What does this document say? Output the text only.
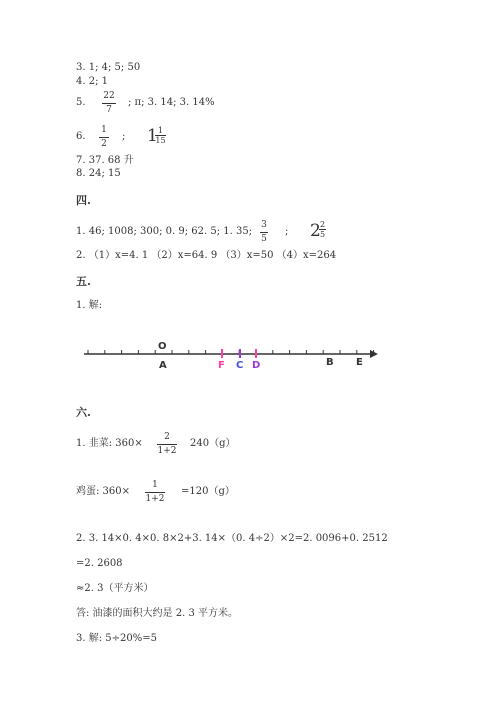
3. 1; 4; 5; 50
4. 2; 1
5.
22
7
; π; 3. 14; 3. 14%
6.
1
2
; 1 1
15
7. 37. 68 升
8. 24; 15
四.
1. 46; 1008; 300; 0. 9; 62. 5; 1. 35;
3
5
; 2 2
5
2. （1）x=4. 1 （2）x=64. 9 （3）x=50 （4）x=264
五.
1. 解:
O
A	F C D	B E
六.
1. 韭菜: 360×
2
1+2
240（g）
鸡蛋: 360×
1
1+2
=120（g）
2. 3. 14×0. 4×0. 8×2+3. 14×（0. 4÷2）×2=2. 0096+0. 2512
=2. 2608
≈2. 3（平方米）
答: 油漆的面积大约是 2. 3 平方米。
3. 解: 5÷20%=5
